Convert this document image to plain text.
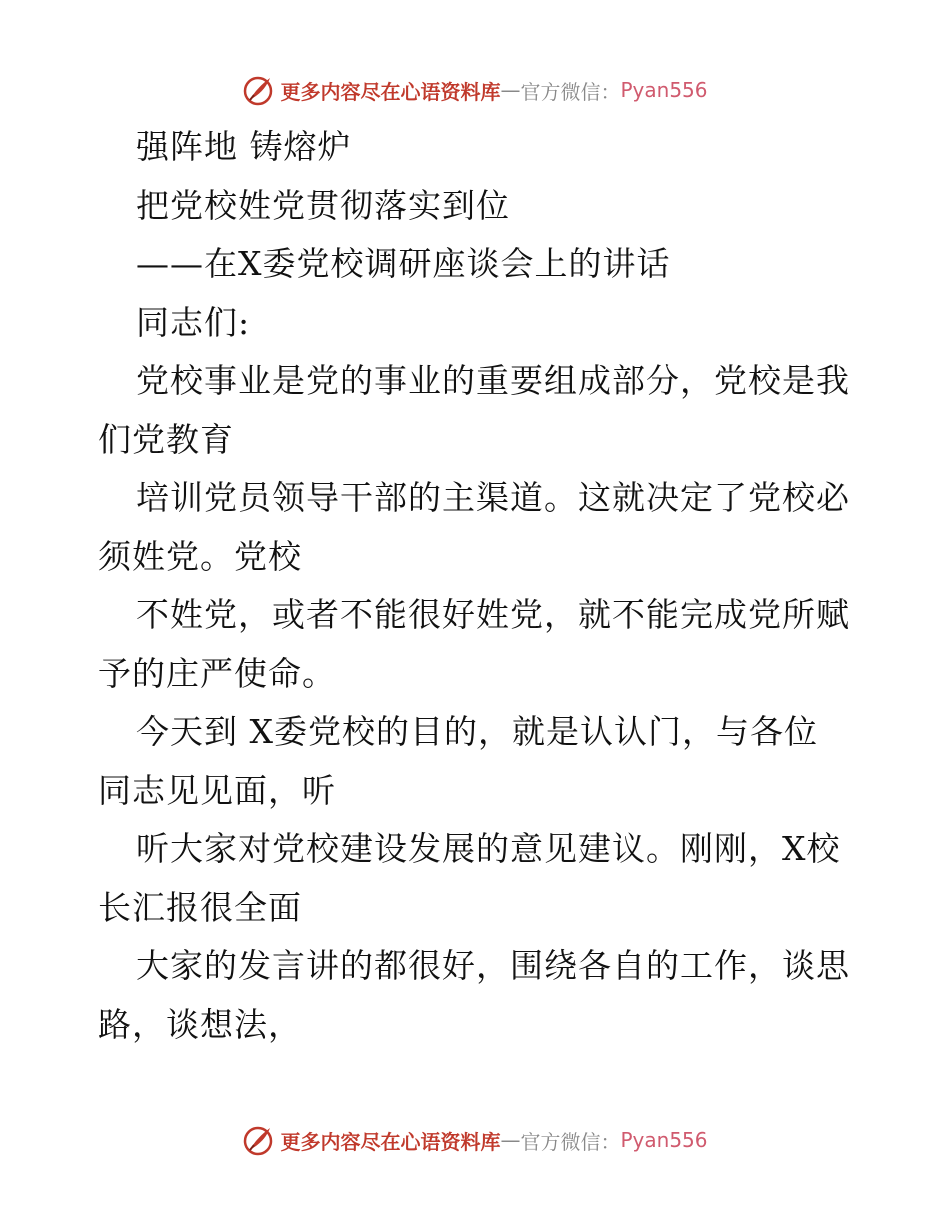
更多内容尽在心语资料库 — 官方微信： Pyan556
强阵地 铸熔炉
把党校姓党贯彻落实到位
——在X委党校调研座谈会上的讲话
同志们:
党校事业是党的事业的重要组成部分，党校是我
们党教育
培训党员领导干部的主渠道。这就决定了党校必
须姓党。党校
不姓党，或者不能很好姓党，就不能完成党所赋
予的庄严使命。
今天到 X委党校的目的，就是认认门，与各位
同志见见面，听
听大家对党校建设发展的意见建议。刚刚，X校
长汇报很全面
大家的发言讲的都很好，围绕各自的工作，谈思
路，谈想法，
更多内容尽在心语资料库 — 官方微信： Pyan556
